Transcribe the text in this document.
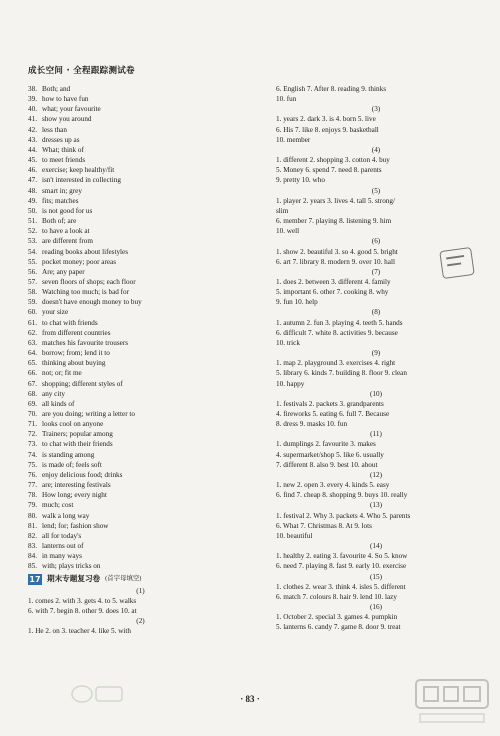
成长空间 · 全程跟踪测试卷
38. Both; and
39. how to have fun
40. what; your favourite
41. show you around
42. less than
43. dresses up as
44. What; think of
45. to meet friends
46. exercise; keep healthy/fit
47. isn't interested in collecting
48. smart in; grey
49. fits; matches
50. is not good for us
51. Both of; are
52. to have a look at
53. are different from
54. reading books about lifestyles
55. pocket money; poor areas
56. Are; any paper
57. seven floors of shops; each floor
58. Watching too much; is bad for
59. doesn't have enough money to buy
60. your size
61. to chat with friends
62. from different countries
63. matches his favourite trousers
64. borrow; from; lend it to
65. thinking about buying
66. not; or; fit me
67. shopping; different styles of
68. any city
69. all kinds of
70. are you doing; writing a letter to
71. looks cool on anyone
72. Trainers; popular among
73. to chat with their friends
74. is standing among
75. is made of; feels soft
76. enjoy delicious food; drinks
77. are; interesting festivals
78. How long; every night
79. much; cost
80. walk a long way
81. lend; for; fashion show
82. all for today's
83. lanterns out of
84. in many ways
85. with; plays tricks on
17 期末专题复习卷 (首字母填空)
(1)
1. comes 2. with 3. gets 4. to 5. walks
6. with 7. begin 8. other 9. does 10. at
(2)
1. He 2. on 3. teacher 4. like 5. with
6. English 7. After 8. reading 9. thinks
10. fun
(3)
1. years 2. dark 3. is 4. born 5. live
6. His 7. like 8. enjoys 9. basketball
10. member
(4)
1. different 2. shopping 3. cotton 4. buy
5. Money 6. spend 7. need 8. parents
9. pretty 10. who
(5)
1. player 2. years 3. lives 4. tall 5. strong/
slim
6. member 7. playing 8. listening 9. him
10. well
(6)
1. show 2. beautiful 3. so 4. good 5. bright
6. art 7. library 8. modern 9. over 10. hall
(7)
1. does 2. between 3. different 4. family
5. important 6. other 7. cooking 8. why
9. fun 10. help
(8)
1. autumn 2. fun 3. playing 4. teeth 5. hands
6. difficult 7. white 8. activities 9. because
10. trick
(9)
1. map 2. playground 3. exercises 4. right
5. library 6. kinds 7. building 8. floor 9. clean
10. happy
(10)
1. festivals 2. packets 3. grandparents
4. fireworks 5. eating 6. full 7. Because
8. dress 9. masks 10. fun
(11)
1. dumplings 2. favourite 3. makes
4. supermarket/shop 5. like 6. usually
7. different 8. also 9. best 10. about
(12)
1. new 2. open 3. every 4. kinds 5. easy
6. find 7. cheap 8. shopping 9. buys 10. really
(13)
1. festival 2. Why 3. packets 4. Who 5. parents
6. What 7. Christmas 8. At 9. lots
10. beautiful
(14)
1. healthy 2. eating 3. favourite 4. So 5. know
6. need 7. playing 8. fast 9. early 10. exercise
(15)
1. clothes 2. wear 3. think 4. isles 5. different
6. match 7. colours 8. hair 9. lend 10. lazy
(16)
1. October 2. special 3. games 4. pumpkin
5. lanterns 6. candy 7. game 8. door 9. treat
· 83 ·
